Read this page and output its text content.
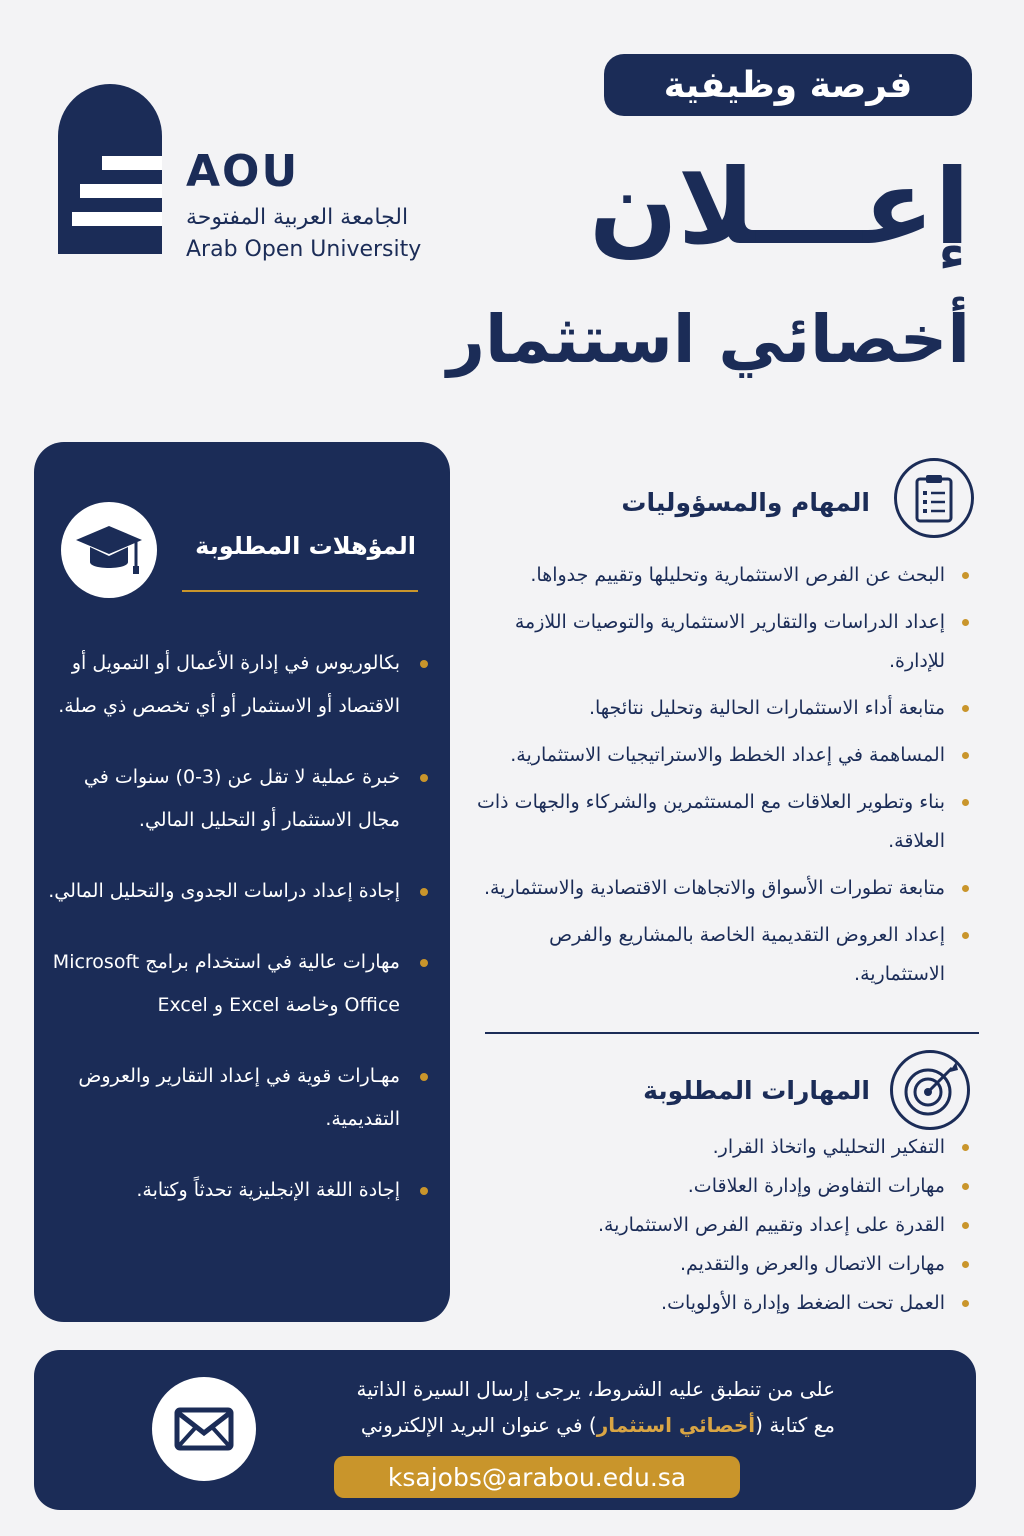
AOU
الجامعة العربية المفتوحة
Arab Open University
فرصة وظيفية
إعـــلان
أخصائي استثمار
المؤهلات المطلوبة
بكالوريوس في إدارة الأعمال أو التمويل أو الاقتصاد أو الاستثمار أو أي تخصص ذي صلة.
خبرة عملية لا تقل عن (3-0) سنوات في مجال الاستثمار أو التحليل المالي.
إجادة إعداد دراسات الجدوى والتحليل المالي.
مهارات عالية في استخدام برامج Microsoft Office وخاصة Excel و Excel
مهـارات قوية في إعداد التقارير والعروض التقديمية.
إجادة اللغة الإنجليزية تحدثاً وكتابة.
المهام والمسؤوليات
البحث عن الفرص الاستثمارية وتحليلها وتقييم جدواها.
إعداد الدراسات والتقارير الاستثمارية والتوصيات اللازمة للإدارة.
متابعة أداء الاستثمارات الحالية وتحليل نتائجها.
المساهمة في إعداد الخطط والاستراتيجيات الاستثمارية.
بناء وتطوير العلاقات مع المستثمرين والشركاء والجهات ذات العلاقة.
متابعة تطورات الأسواق والاتجاهات الاقتصادية والاستثمارية.
إعداد العروض التقديمية الخاصة بالمشاريع والفرص الاستثمارية.
المهارات المطلوبة
التفكير التحليلي واتخاذ القرار.
مهارات التفاوض وإدارة العلاقات.
القدرة على إعداد وتقييم الفرص الاستثمارية.
مهارات الاتصال والعرض والتقديم.
العمل تحت الضغط وإدارة الأولويات.
على من تنطبق عليه الشروط، يرجى إرسال السيرة الذاتية
مع كتابة (أخصائي استثمار) في عنوان البريد الإلكتروني
ksajobs@arabou.edu.sa
